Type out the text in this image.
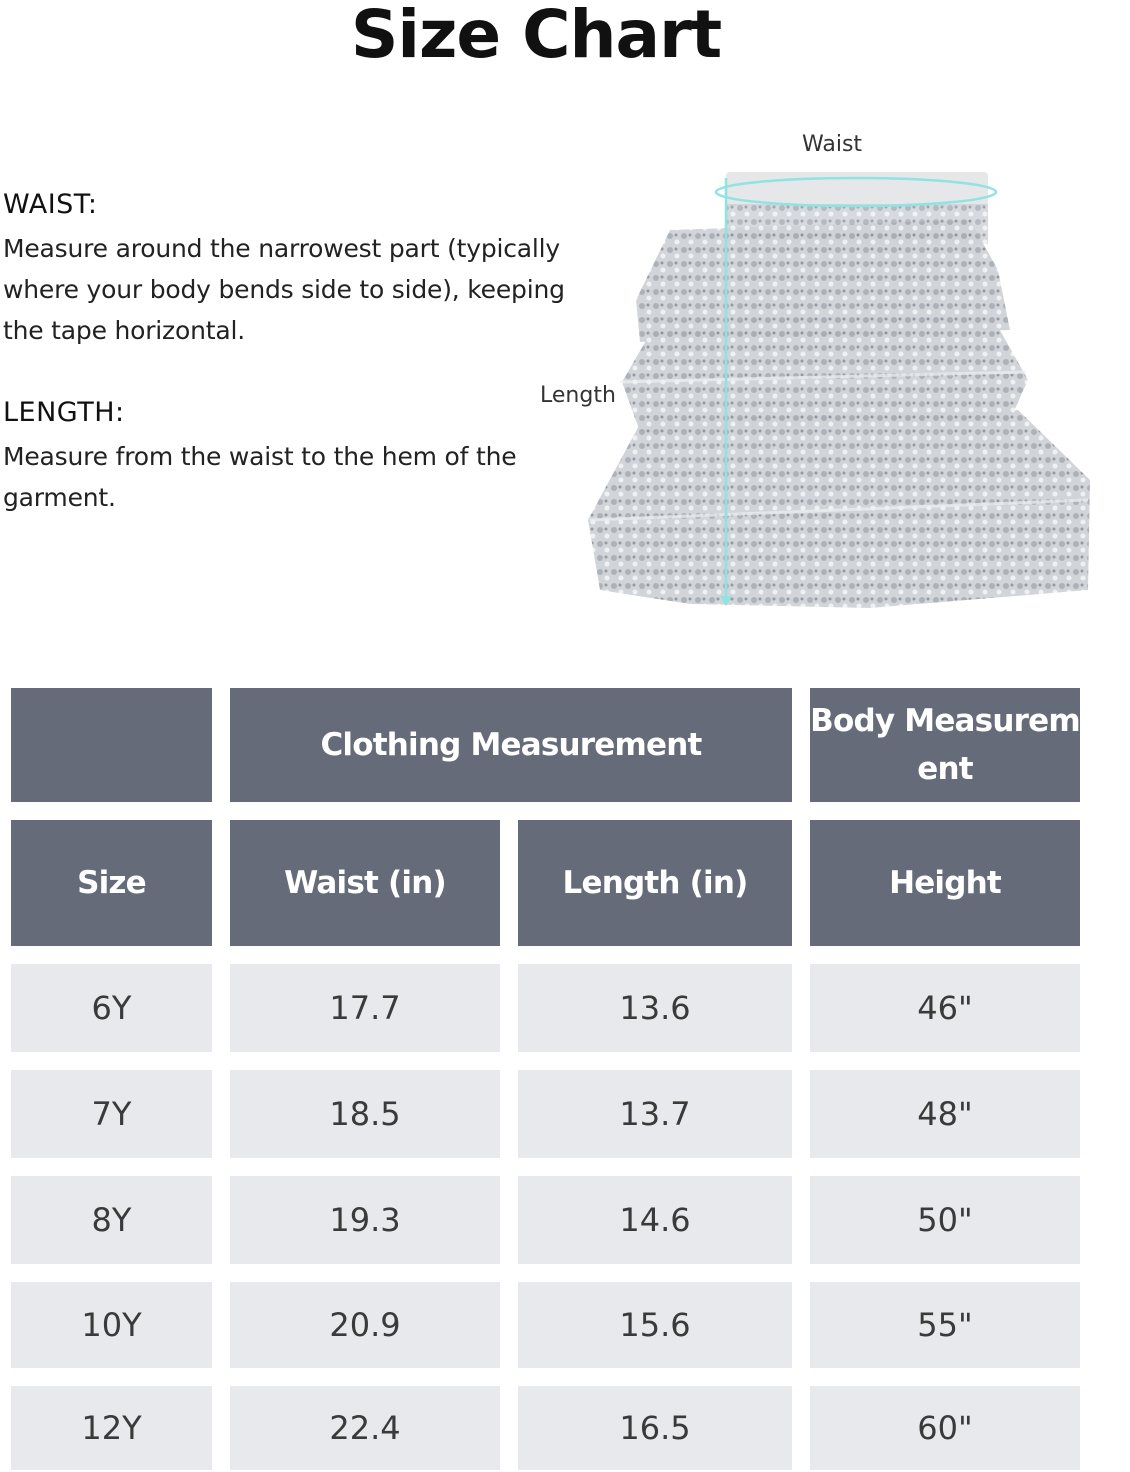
Size Chart
WAIST:
Measure around the narrowest part (typically where your body bends side to side), keeping the tape horizontal.
LENGTH:
Measure from the waist to the hem of the garment.
Waist
Length
Clothing Measurement
Body Measurem
ent
Size	Waist (in)	Length (in)	Height
6Y	17.7	13.6	46"
7Y	18.5	13.7	48"
8Y	19.3	14.6	50"
10Y	20.9	15.6	55"
12Y	22.4	16.5	60"
